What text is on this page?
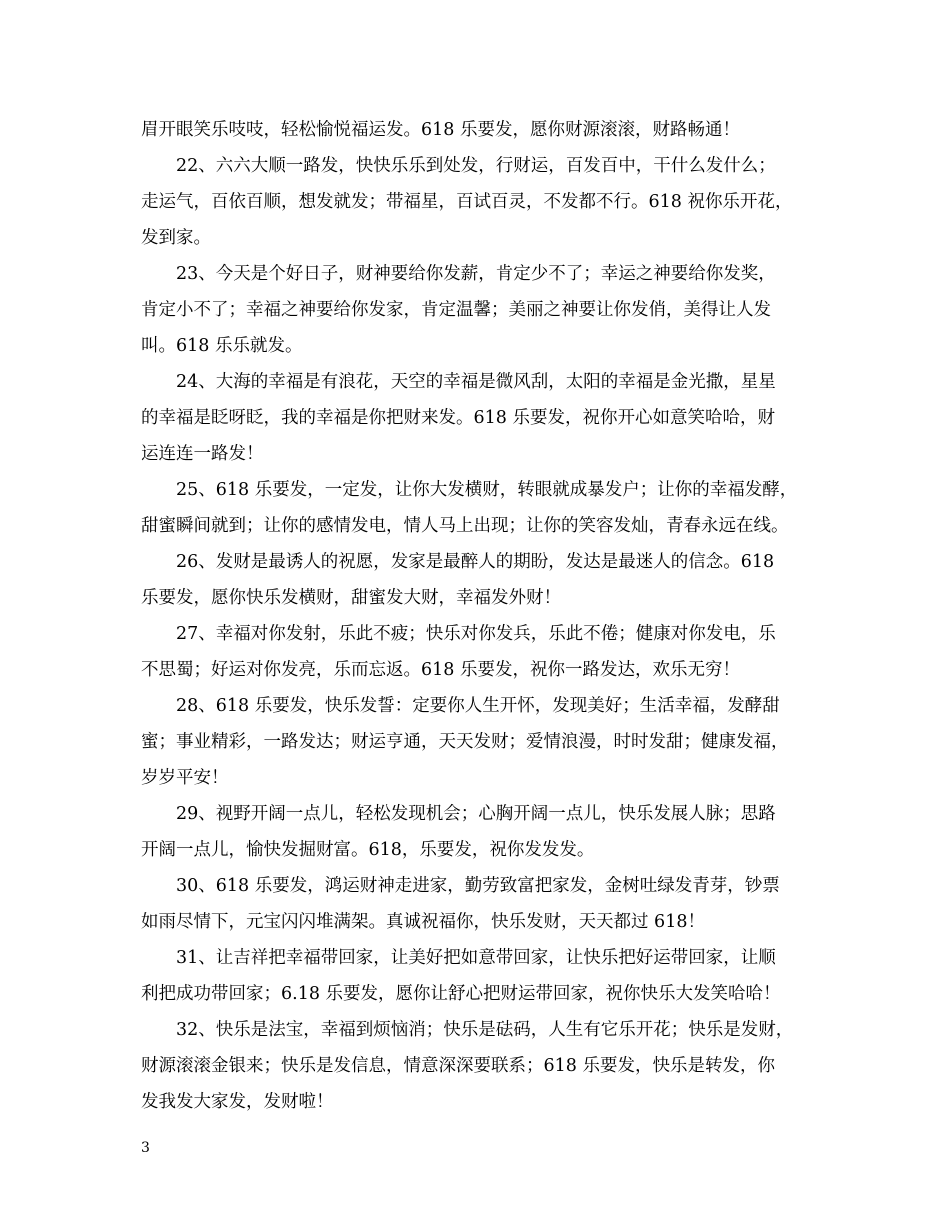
眉开眼笑乐吱吱，轻松愉悦福运发。618 乐要发，愿你财源滚滚，财路畅通！
22、六六大顺一路发，快快乐乐到处发，行财运，百发百中，干什么发什么；
走运气，百依百顺，想发就发；带福星，百试百灵，不发都不行。618 祝你乐开花，
发到家。
23、今天是个好日子，财神要给你发薪，肯定少不了；幸运之神要给你发奖，
肯定小不了；幸福之神要给你发家，肯定温馨；美丽之神要让你发俏，美得让人发
叫。618 乐乐就发。
24、大海的幸福是有浪花，天空的幸福是微风刮，太阳的幸福是金光撒，星星
的幸福是眨呀眨，我的幸福是你把财来发。618 乐要发，祝你开心如意笑哈哈，财
运连连一路发！
25、618 乐要发，一定发，让你大发横财，转眼就成暴发户；让你的幸福发酵，
甜蜜瞬间就到；让你的感情发电，情人马上出现；让你的笑容发灿，青春永远在线。
26、发财是最诱人的祝愿，发家是最醉人的期盼，发达是最迷人的信念。618
乐要发，愿你快乐发横财，甜蜜发大财，幸福发外财！
27、幸福对你发射，乐此不疲；快乐对你发兵，乐此不倦；健康对你发电，乐
不思蜀；好运对你发亮，乐而忘返。618 乐要发，祝你一路发达，欢乐无穷！
28、618 乐要发，快乐发誓：定要你人生开怀，发现美好；生活幸福，发酵甜
蜜；事业精彩，一路发达；财运亨通，天天发财；爱情浪漫，时时发甜；健康发福，
岁岁平安！
29、视野开阔一点儿，轻松发现机会；心胸开阔一点儿，快乐发展人脉；思路
开阔一点儿，愉快发掘财富。618，乐要发，祝你发发发。
30、618 乐要发，鸿运财神走进家，勤劳致富把家发，金树吐绿发青芽，钞票
如雨尽情下，元宝闪闪堆满架。真诚祝福你，快乐发财，天天都过 618！
31、让吉祥把幸福带回家，让美好把如意带回家，让快乐把好运带回家，让顺
利把成功带回家；6.18 乐要发，愿你让舒心把财运带回家，祝你快乐大发笑哈哈！
32、快乐是法宝，幸福到烦恼消；快乐是砝码，人生有它乐开花；快乐是发财，
财源滚滚金银来；快乐是发信息，情意深深要联系；618 乐要发，快乐是转发，你
发我发大家发，发财啦！
3
